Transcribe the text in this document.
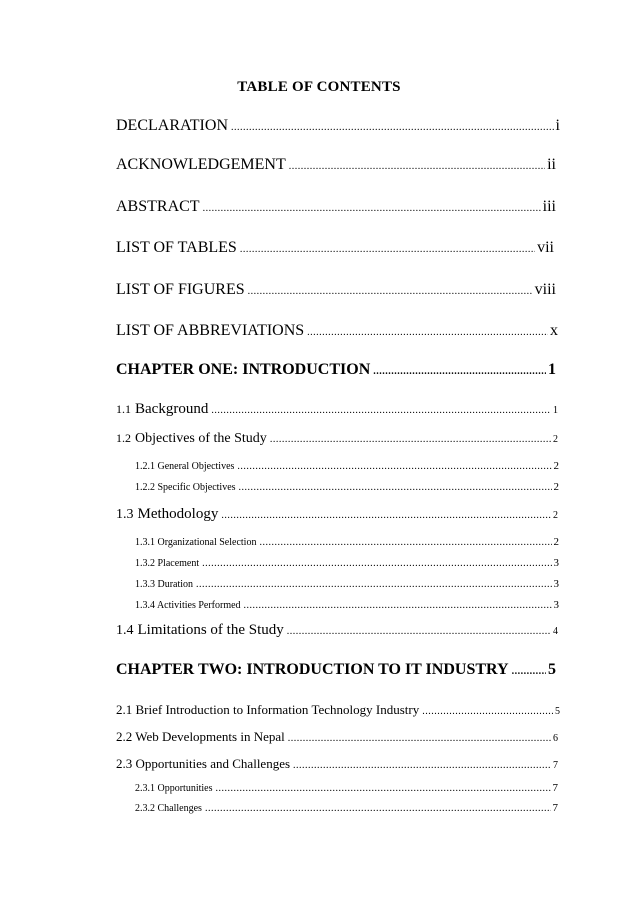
TABLE OF CONTENTS
DECLARATION .....	i
ACKNOWLEDGEMENT .....	ii
ABSTRACT .....	iii
LIST OF TABLES .....	vii
LIST OF FIGURES .....	viii
LIST OF ABBREVIATIONS .....	x
CHAPTER ONE: INTRODUCTION .....	1
1.1 Background .....	1
1.2 Objectives of the Study .....	2
1.2.1 General Objectives .....	2
1.2.2 Specific Objectives .....	2
1.3 Methodology .....	2
1.3.1 Organizational Selection .....	2
1.3.2 Placement .....	3
1.3.3 Duration .....	3
1.3.4 Activities Performed .....	3
1.4 Limitations of the Study .....	4
CHAPTER TWO: INTRODUCTION TO IT INDUSTRY ..... 5
2.1 Brief Introduction to Information Technology Industry .....	5
2.2 Web Developments in Nepal .....	6
2.3 Opportunities and Challenges .....	7
2.3.1 Opportunities .....	7
2.3.2 Challenges .....	7
